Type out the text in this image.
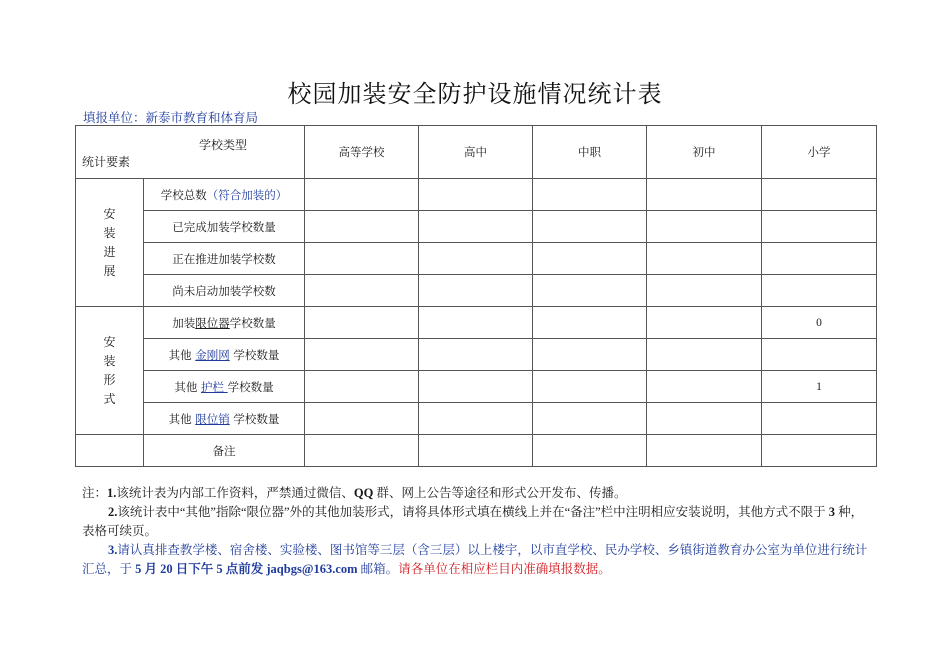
校园加装安全防护设施情况统计表
填报单位：新泰市教育和体育局
学校类型
统计要素		高等学校	高中	中职	初中	小学
安
装
进
展	学校总数（符合加装的）					
	已完成加装学校数量					
	正在推进加装学校数					
	尚未启动加装学校数					
安
装
形
式	加装限位器学校数量					0
	其他 金刚网 学校数量					
	其他 护栏 学校数量					1
	其他 限位销 学校数量					
	备注					

注：1.该统计表为内部工作资料，严禁通过微信、QQ 群、网上公告等途径和形式公开发布、传播。

2.该统计表中“其他”指除“限位器”外的其他加装形式，请将具体形式填在横线上并在“备注”栏中注明相应安装说明，其他方式不限于 3 种，表格可续页。

3.请认真排查教学楼、宿舍楼、实验楼、图书馆等三层（含三层）以上楼宇，以市直学校、民办学校、乡镇街道教育办公室为单位进行统计汇总，于 5 月 20 日下午 5 点前发 jaqbgs@163.com 邮箱。请各单位在相应栏目内准确填报数据。
